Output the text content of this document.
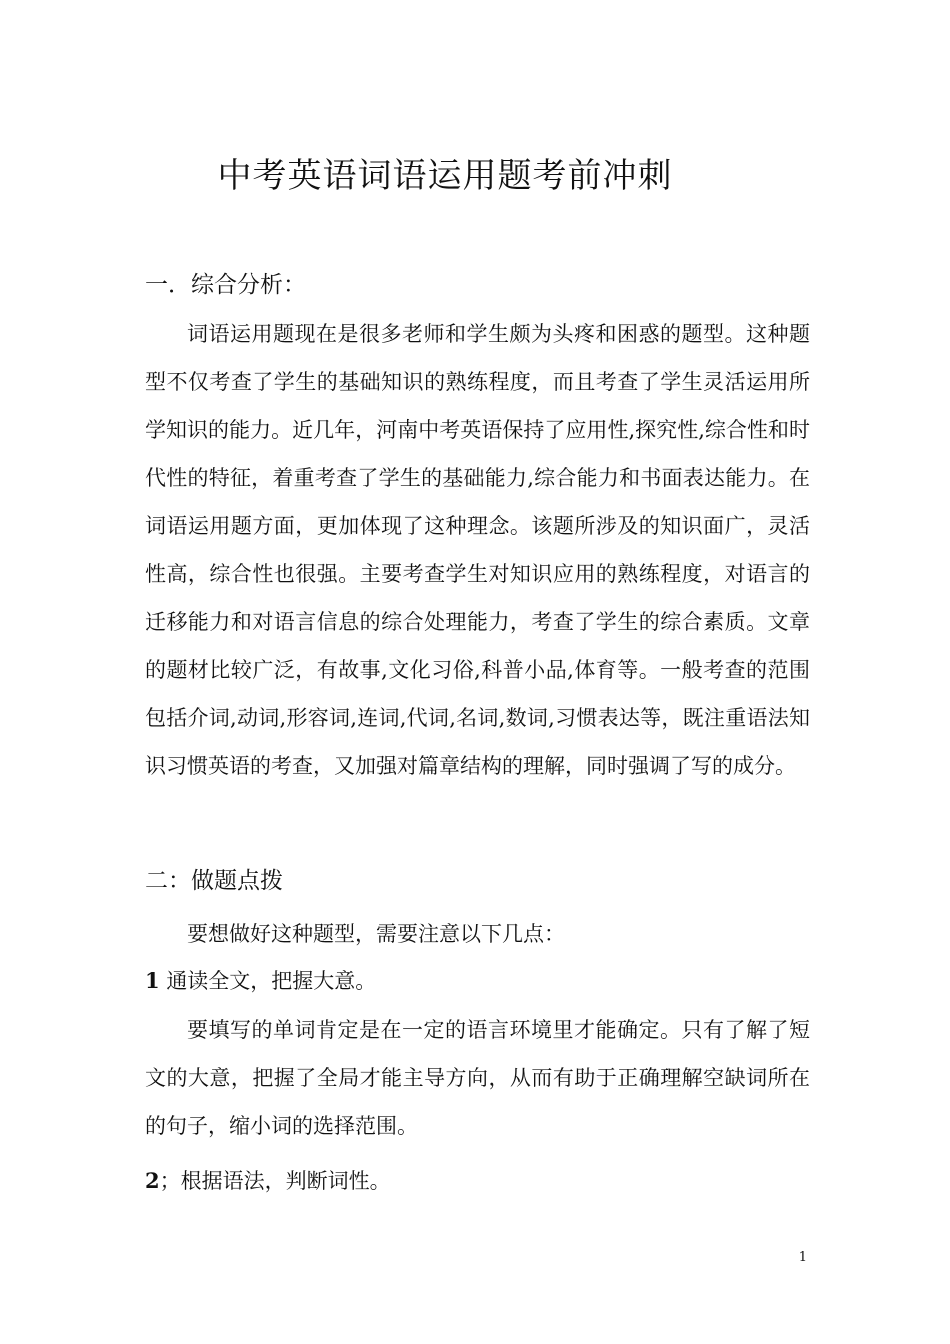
中考英语词语运用题考前冲刺
一．综合分析：

词语运用题现在是很多老师和学生颇为头疼和困惑的题型。这种题型不仅考查了学生的基础知识的熟练程度，而且考查了学生灵活运用所学知识的能力。近几年，河南中考英语保持了应用性,探究性,综合性和时代性的特征，着重考查了学生的基础能力,综合能力和书面表达能力。在词语运用题方面，更加体现了这种理念。该题所涉及的知识面广，灵活性高，综合性也很强。主要考查学生对知识应用的熟练程度，对语言的迁移能力和对语言信息的综合处理能力，考查了学生的综合素质。文章的题材比较广泛，有故事,文化习俗,科普小品,体育等。一般考查的范围包括介词,动词,形容词,连词,代词,名词,数词,习惯表达等，既注重语法知识习惯英语的考查，又加强对篇章结构的理解，同时强调了写的成分。

二：做题点拨

要想做好这种题型，需要注意以下几点：

1 通读全文，把握大意。

要填写的单词肯定是在一定的语言环境里才能确定。只有了解了短文的大意，把握了全局才能主导方向，从而有助于正确理解空缺词所在的句子，缩小词的选择范围。

2；根据语法，判断词性。

1
